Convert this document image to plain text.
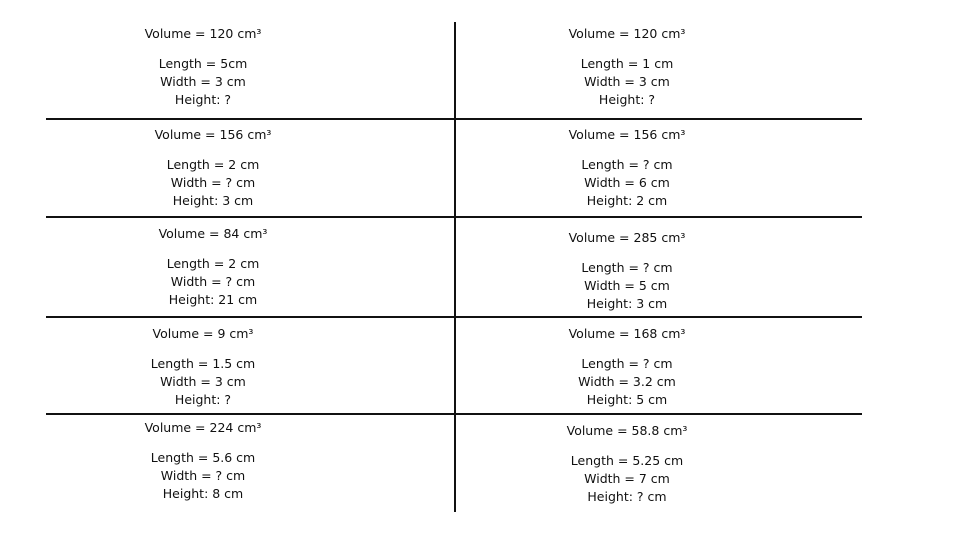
Volume = 120 cm³
Length = 5cm
Width = 3 cm
Height: ?
Volume = 120 cm³
Length = 1 cm
Width = 3 cm
Height: ?
Volume = 156 cm³
Length = 2 cm
Width = ? cm
Height: 3 cm
Volume = 156 cm³
Length = ? cm
Width = 6 cm
Height: 2 cm
Volume = 84 cm³
Length = 2 cm
Width = ? cm
Height: 21 cm
Volume = 285 cm³
Length = ? cm
Width = 5 cm
Height: 3 cm
Volume = 9 cm³
Length = 1.5 cm
Width = 3 cm
Height: ?
Volume = 168 cm³
Length = ? cm
Width = 3.2 cm
Height: 5 cm
Volume = 224 cm³
Length = 5.6 cm
Width = ? cm
Height: 8 cm
Volume = 58.8 cm³
Length = 5.25 cm
Width = 7 cm
Height: ? cm
